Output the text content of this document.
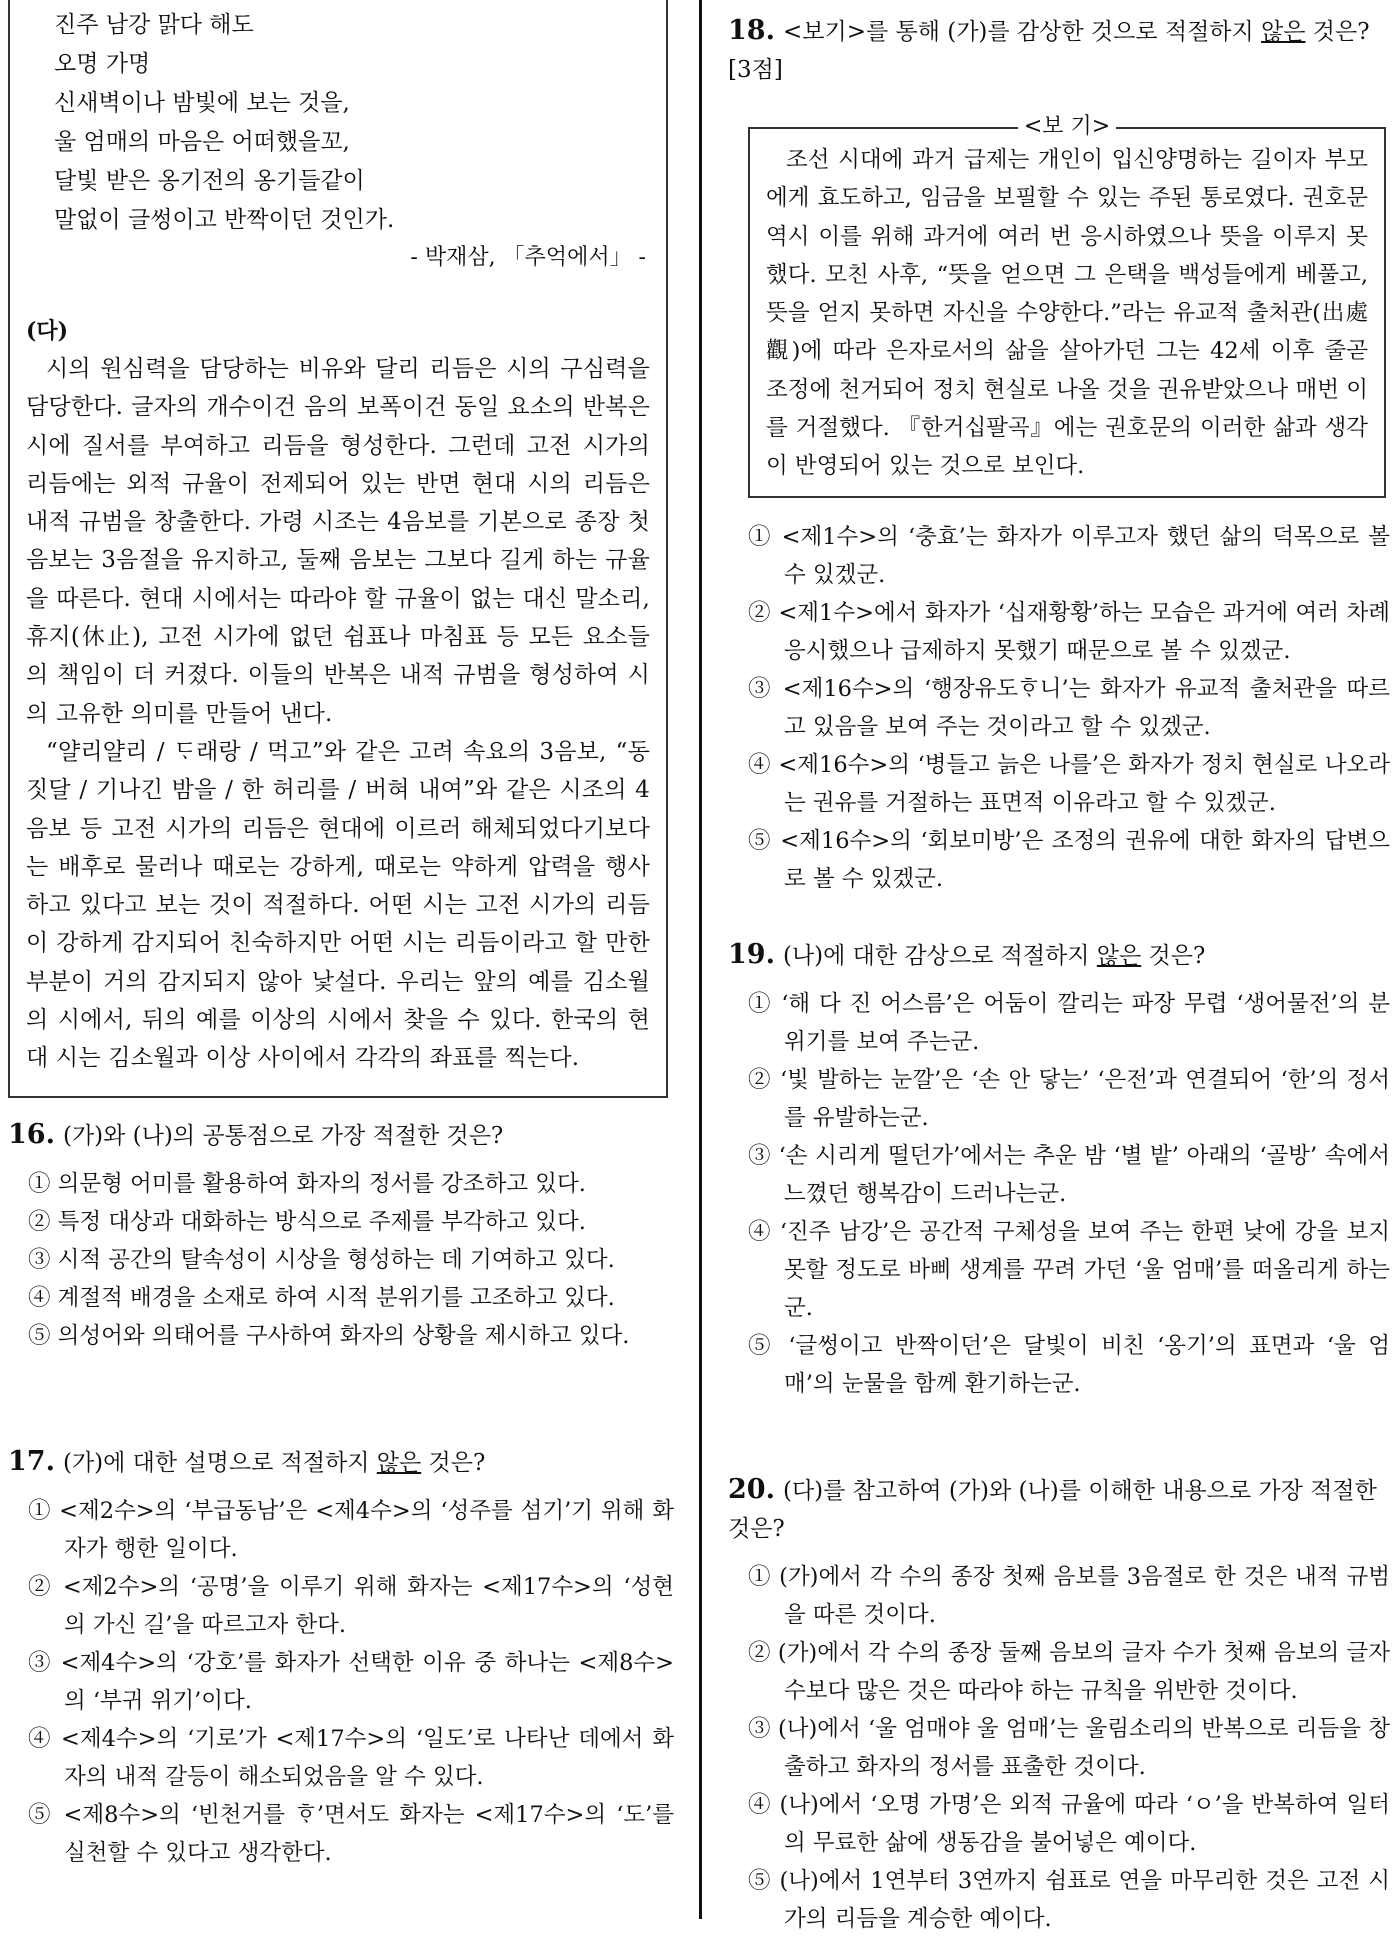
진주 남강 맑다 해도
오명 가명
신새벽이나 밤빛에 보는 것을,
울 엄매의 마음은 어떠했을꼬,
달빛 받은 옹기전의 옹기들같이
말없이 글썽이고 반짝이던 것인가.
- 박재삼, 「추억에서」 -
(다)
시의 원심력을 담당하는 비유와 달리 리듬은 시의 구심력을 담당한다. 글자의 개수이건 음의 보폭이건 동일 요소의 반복은 시에 질서를 부여하고 리듬을 형성한다. 그런데 고전 시가의 리듬에는 외적 규율이 전제되어 있는 반면 현대 시의 리듬은 내적 규범을 창출한다. 가령 시조는 4음보를 기본으로 종장 첫 음보는 3음절을 유지하고, 둘째 음보는 그보다 길게 하는 규율을 따른다. 현대 시에서는 따라야 할 규율이 없는 대신 말소리, 휴지(休止), 고전 시가에 없던 쉼표나 마침표 등 모든 요소들의 책임이 더 커졌다. 이들의 반복은 내적 규범을 형성하여 시의 고유한 의미를 만들어 낸다.
“얄리얄리 / ᄃᆞ래랑 / 먹고”와 같은 고려 속요의 3음보, “동짓달 / 기나긴 밤을 / 한 허리를 / 버혀 내여”와 같은 시조의 4음보 등 고전 시가의 리듬은 현대에 이르러 해체되었다기보다는 배후로 물러나 때로는 강하게, 때로는 약하게 압력을 행사하고 있다고 보는 것이 적절하다. 어떤 시는 고전 시가의 리듬이 강하게 감지되어 친숙하지만 어떤 시는 리듬이라고 할 만한 부분이 거의 감지되지 않아 낯설다. 우리는 앞의 예를 김소월의 시에서, 뒤의 예를 이상의 시에서 찾을 수 있다. 한국의 현대 시는 김소월과 이상 사이에서 각각의 좌표를 찍는다.
16. (가)와 (나)의 공통점으로 가장 적절한 것은?
① 의문형 어미를 활용하여 화자의 정서를 강조하고 있다.
② 특정 대상과 대화하는 방식으로 주제를 부각하고 있다.
③ 시적 공간의 탈속성이 시상을 형성하는 데 기여하고 있다.
④ 계절적 배경을 소재로 하여 시적 분위기를 고조하고 있다.
⑤ 의성어와 의태어를 구사하여 화자의 상황을 제시하고 있다.
17. (가)에 대한 설명으로 적절하지 않은 것은?
① <제2수>의 ‘부급동남’은 <제4수>의 ‘성주를 섬기’기 위해 화자가 행한 일이다.
② <제2수>의 ‘공명’을 이루기 위해 화자는 <제17수>의 ‘성현의 가신 길’을 따르고자 한다.
③ <제4수>의 ‘강호’를 화자가 선택한 이유 중 하나는 <제8수>의 ‘부귀 위기’이다.
④ <제4수>의 ‘기로’가 <제17수>의 ‘일도’로 나타난 데에서 화자의 내적 갈등이 해소되었음을 알 수 있다.
⑤ <제8수>의 ‘빈천거를 ᄒᆞ’면서도 화자는 <제17수>의 ‘도’를 실천할 수 있다고 생각한다.
18. <보기>를 통해 (가)를 감상한 것으로 적절하지 않은 것은? [3점]
<보 기>
조선 시대에 과거 급제는 개인이 입신양명하는 길이자 부모에게 효도하고, 임금을 보필할 수 있는 주된 통로였다. 권호문 역시 이를 위해 과거에 여러 번 응시하였으나 뜻을 이루지 못했다. 모친 사후, “뜻을 얻으면 그 은택을 백성들에게 베풀고, 뜻을 얻지 못하면 자신을 수양한다.”라는 유교적 출처관(出處觀)에 따라 은자로서의 삶을 살아가던 그는 42세 이후 줄곧 조정에 천거되어 정치 현실로 나올 것을 권유받았으나 매번 이를 거절했다. 『한거십팔곡』에는 권호문의 이러한 삶과 생각이 반영되어 있는 것으로 보인다.
① <제1수>의 ‘충효’는 화자가 이루고자 했던 삶의 덕목으로 볼 수 있겠군.
② <제1수>에서 화자가 ‘십재황황’하는 모습은 과거에 여러 차례 응시했으나 급제하지 못했기 때문으로 볼 수 있겠군.
③ <제16수>의 ‘행장유도ᄒᆞ니’는 화자가 유교적 출처관을 따르고 있음을 보여 주는 것이라고 할 수 있겠군.
④ <제16수>의 ‘병들고 늙은 나를’은 화자가 정치 현실로 나오라는 권유를 거절하는 표면적 이유라고 할 수 있겠군.
⑤ <제16수>의 ‘회보미방’은 조정의 권유에 대한 화자의 답변으로 볼 수 있겠군.
19. (나)에 대한 감상으로 적절하지 않은 것은?
① ‘해 다 진 어스름’은 어둠이 깔리는 파장 무렵 ‘생어물전’의 분위기를 보여 주는군.
② ‘빛 발하는 눈깔’은 ‘손 안 닿는’ ‘은전’과 연결되어 ‘한’의 정서를 유발하는군.
③ ‘손 시리게 떨던가’에서는 추운 밤 ‘별 밭’ 아래의 ‘골방’ 속에서 느꼈던 행복감이 드러나는군.
④ ‘진주 남강’은 공간적 구체성을 보여 주는 한편 낮에 강을 보지 못할 정도로 바삐 생계를 꾸려 가던 ‘울 엄매’를 떠올리게 하는군.
⑤ ‘글썽이고 반짝이던’은 달빛이 비친 ‘옹기’의 표면과 ‘울 엄매’의 눈물을 함께 환기하는군.
20. (다)를 참고하여 (가)와 (나)를 이해한 내용으로 가장 적절한 것은?
① (가)에서 각 수의 종장 첫째 음보를 3음절로 한 것은 내적 규범을 따른 것이다.
② (가)에서 각 수의 종장 둘째 음보의 글자 수가 첫째 음보의 글자 수보다 많은 것은 따라야 하는 규칙을 위반한 것이다.
③ (나)에서 ‘울 엄매야 울 엄매’는 울림소리의 반복으로 리듬을 창출하고 화자의 정서를 표출한 것이다.
④ (나)에서 ‘오명 가명’은 외적 규율에 따라 ‘ㅇ’을 반복하여 일터의 무료한 삶에 생동감을 불어넣은 예이다.
⑤ (나)에서 1연부터 3연까지 쉼표로 연을 마무리한 것은 고전 시가의 리듬을 계승한 예이다.
